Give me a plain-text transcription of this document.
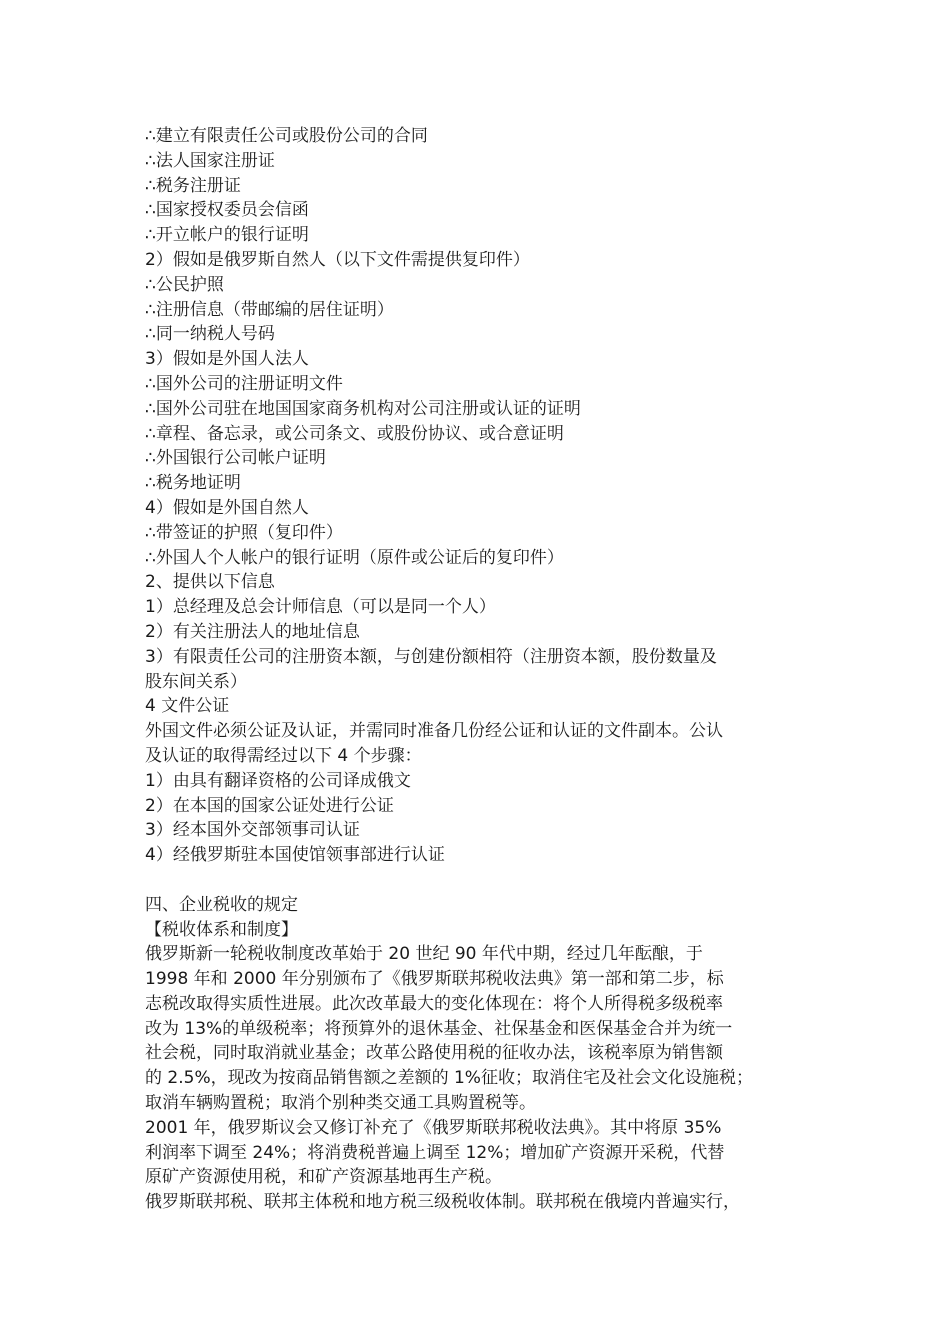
∴建立有限责任公司或股份公司的合同
∴法人国家注册证
∴税务注册证
∴国家授权委员会信函
∴开立帐户的银行证明
2）假如是俄罗斯自然人（以下文件需提供复印件）
∴公民护照
∴注册信息（带邮编的居住证明）
∴同一纳税人号码
3）假如是外国人法人
∴国外公司的注册证明文件
∴国外公司驻在地国国家商务机构对公司注册或认证的证明
∴章程、备忘录，或公司条文、或股份协议、或合意证明
∴外国银行公司帐户证明
∴税务地证明
4）假如是外国自然人
∴带签证的护照（复印件）
∴外国人个人帐户的银行证明（原件或公证后的复印件）
2、提供以下信息
1）总经理及总会计师信息（可以是同一个人）
2）有关注册法人的地址信息
3）有限责任公司的注册资本额，与创建份额相符（注册资本额，股份数量及
股东间关系）
4 文件公证
外国文件必须公证及认证，并需同时准备几份经公证和认证的文件副本。公认
及认证的取得需经过以下 4 个步骤：
1）由具有翻译资格的公司译成俄文
2）在本国的国家公证处进行公证
3）经本国外交部领事司认证
4）经俄罗斯驻本国使馆领事部进行认证
四、企业税收的规定
【税收体系和制度】
俄罗斯新一轮税收制度改革始于 20 世纪 90 年代中期，经过几年酝酿，于
1998 年和 2000 年分别颁布了《俄罗斯联邦税收法典》第一部和第二步，标
志税改取得实质性进展。此次改革最大的变化体现在：将个人所得税多级税率
改为 13%的单级税率；将预算外的退休基金、社保基金和医保基金合并为统一
社会税，同时取消就业基金；改革公路使用税的征收办法，该税率原为销售额
的 2.5%，现改为按商品销售额之差额的 1%征收；取消住宅及社会文化设施税；
取消车辆购置税；取消个别种类交通工具购置税等。
2001 年，俄罗斯议会又修订补充了《俄罗斯联邦税收法典》。其中将原 35%
利润率下调至 24%；将消费税普遍上调至 12%；增加矿产资源开采税，代替
原矿产资源使用税，和矿产资源基地再生产税。
俄罗斯联邦税、联邦主体税和地方税三级税收体制。联邦税在俄境内普遍实行，
